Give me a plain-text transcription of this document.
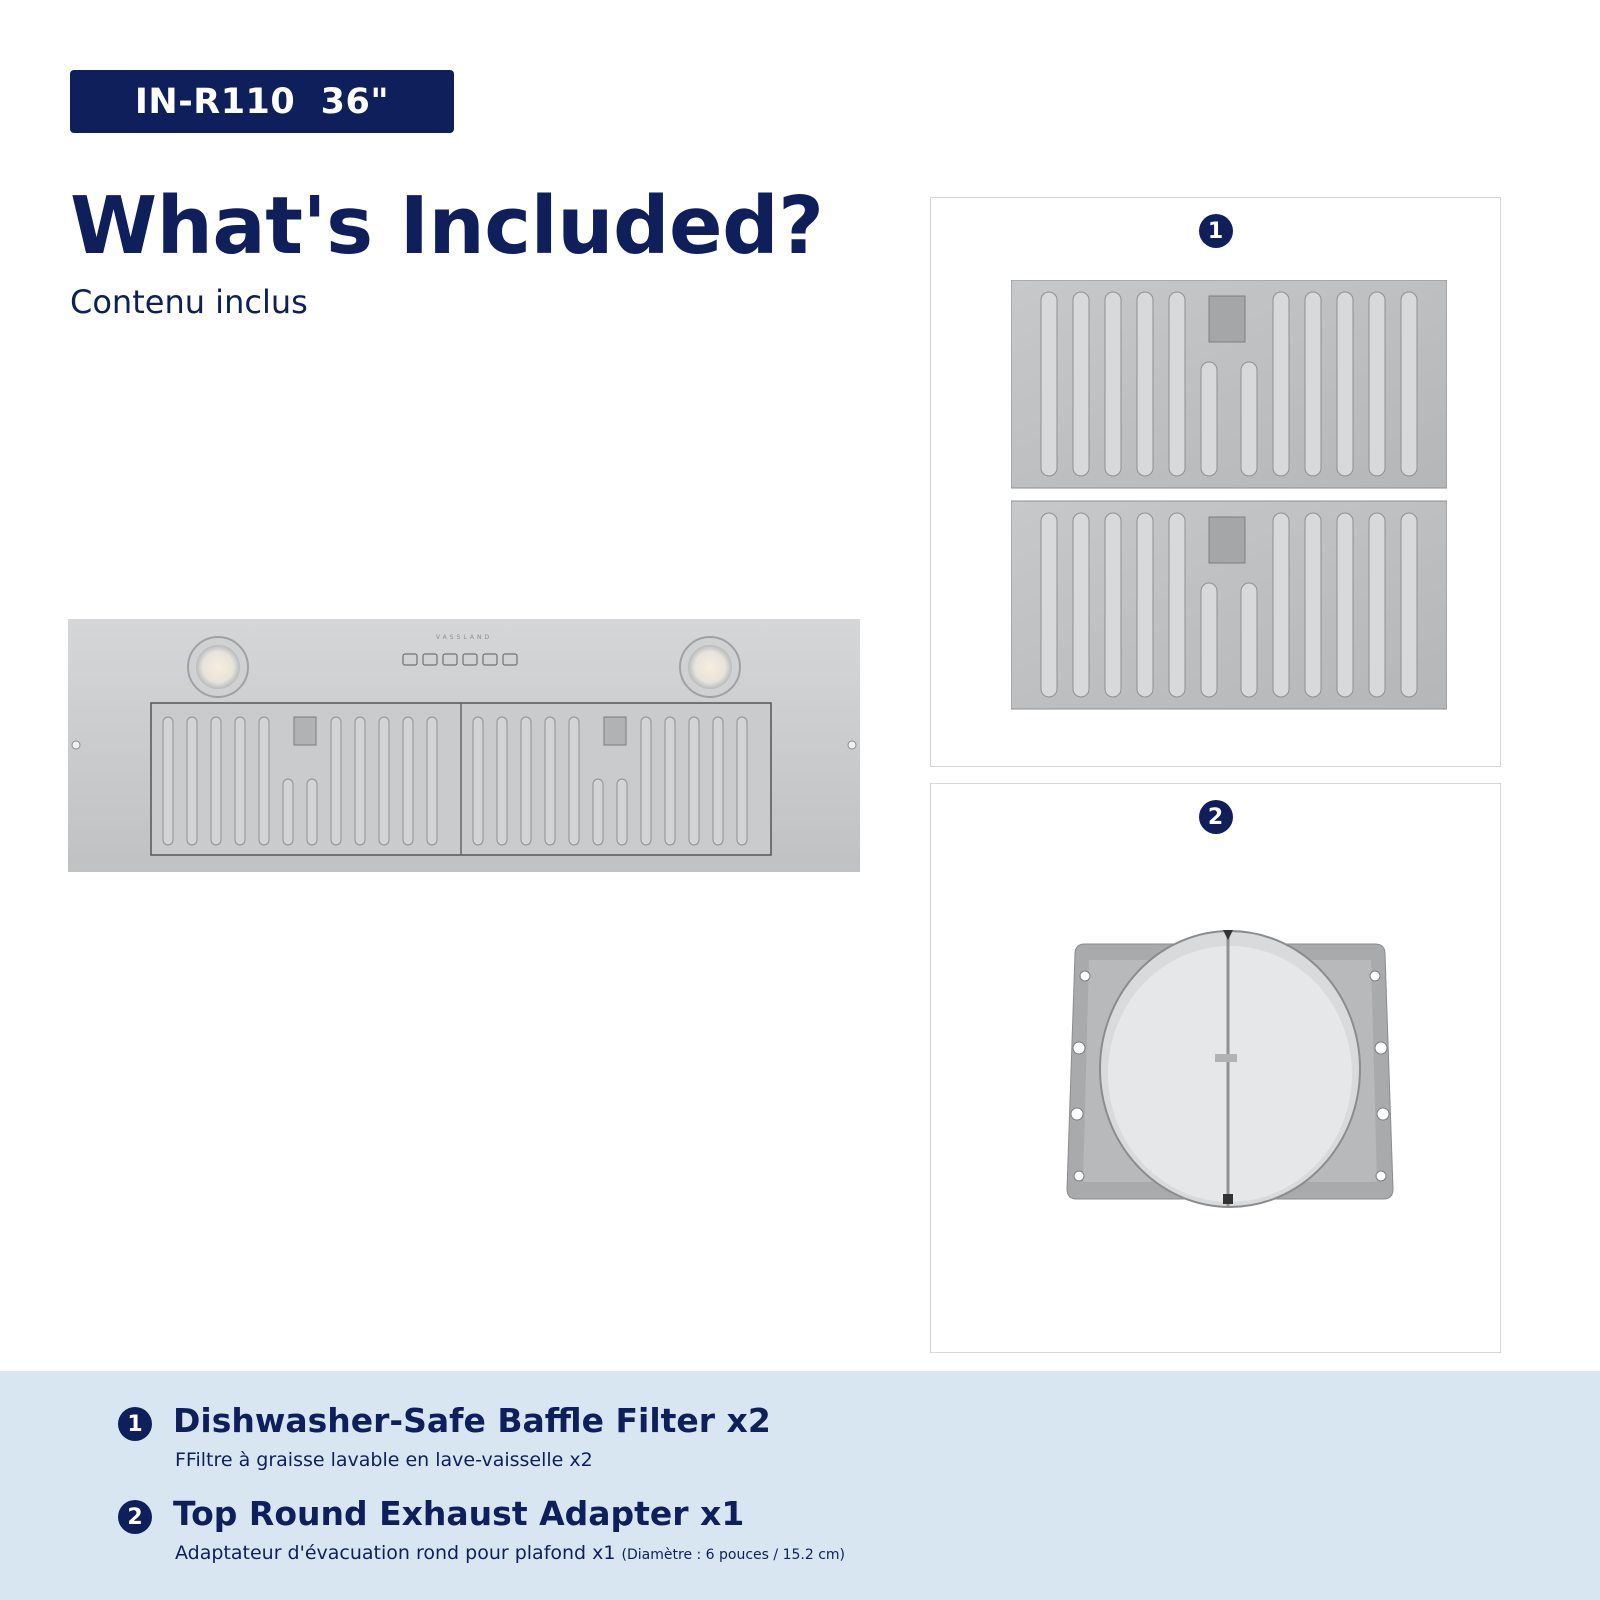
IN-R110  36"
What's Included?

Contenu inclus

VASSLAND
1
2
1 Dishwasher-Safe Baffle Filter x2
FFiltre à graisse lavable en lave-vaisselle x2
2 Top Round Exhaust Adapter x1
Adaptateur d'évacuation rond pour plafond x1 (Diamètre : 6 pouces / 15.2 cm)
